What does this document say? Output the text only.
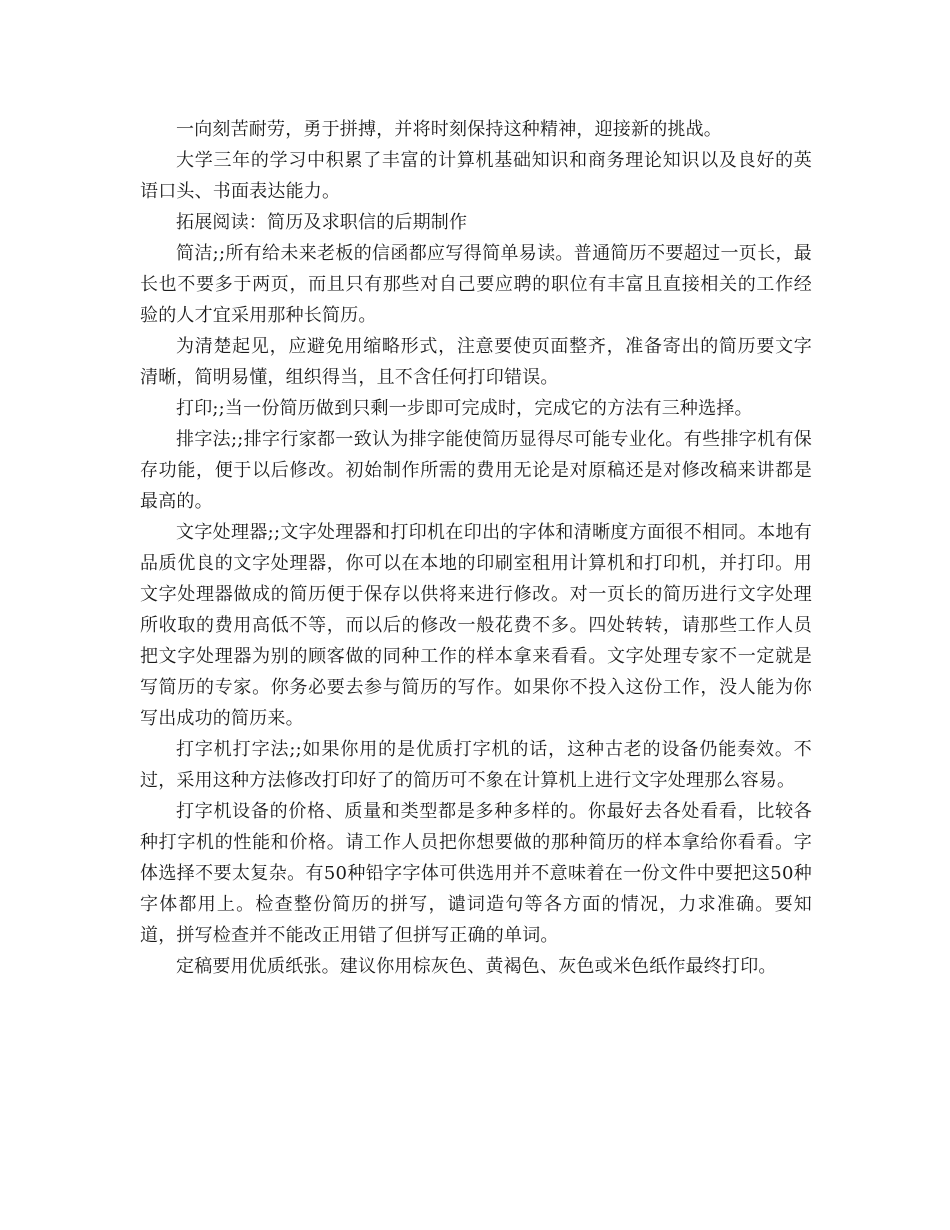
一向刻苦耐劳，勇于拼搏，并将时刻保持这种精神，迎接新的挑战。

大学三年的学习中积累了丰富的计算机基础知识和商务理论知识以及良好的英语口头、书面表达能力。

拓展阅读：简历及求职信的后期制作

简洁;;所有给未来老板的信函都应写得简单易读。普通简历不要超过一页长，最长也不要多于两页，而且只有那些对自己要应聘的职位有丰富且直接相关的工作经验的人才宜采用那种长简历。

为清楚起见，应避免用缩略形式，注意要使页面整齐，准备寄出的简历要文字清晰，简明易懂，组织得当，且不含任何打印错误。

打印;;当一份简历做到只剩一步即可完成时，完成它的方法有三种选择。

排字法;;排字行家都一致认为排字能使简历显得尽可能专业化。有些排字机有保存功能，便于以后修改。初始制作所需的费用无论是对原稿还是对修改稿来讲都是最高的。

文字处理器;;文字处理器和打印机在印出的字体和清晰度方面很不相同。本地有品质优良的文字处理器，你可以在本地的印刷室租用计算机和打印机，并打印。用文字处理器做成的简历便于保存以供将来进行修改。对一页长的简历进行文字处理所收取的费用高低不等，而以后的修改一般花费不多。四处转转，请那些工作人员把文字处理器为别的顾客做的同种工作的样本拿来看看。文字处理专家不一定就是写简历的专家。你务必要去参与简历的写作。如果你不投入这份工作，没人能为你写出成功的简历来。

打字机打字法;;如果你用的是优质打字机的话，这种古老的设备仍能奏效。不过，采用这种方法修改打印好了的简历可不象在计算机上进行文字处理那么容易。

打字机设备的价格、质量和类型都是多种多样的。你最好去各处看看，比较各种打字机的性能和价格。请工作人员把你想要做的那种简历的样本拿给你看看。字体选择不要太复杂。有50种铅字字体可供选用并不意味着在一份文件中要把这50种字体都用上。检查整份简历的拼写，谴词造句等各方面的情况，力求准确。要知道，拼写检查并不能改正用错了但拼写正确的单词。

定稿要用优质纸张。建议你用棕灰色、黄褐色、灰色或米色纸作最终打印。
